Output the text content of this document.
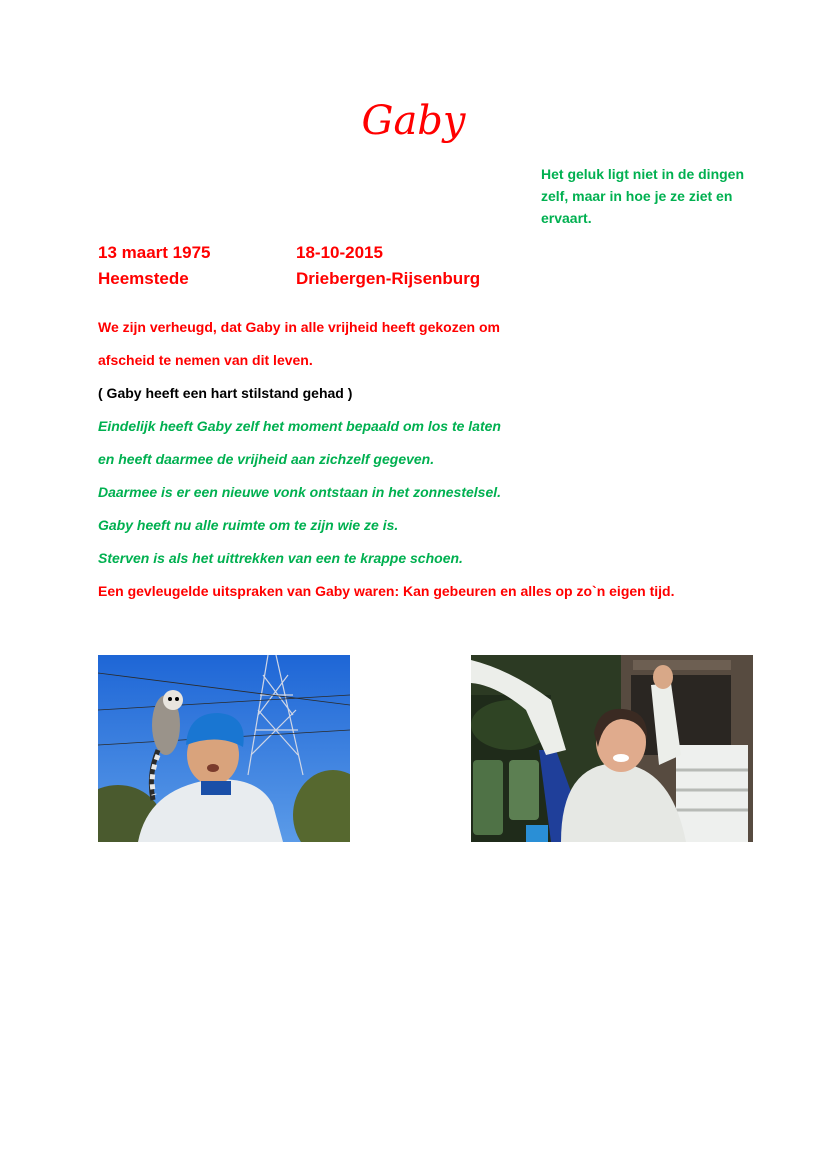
Gaby
Het geluk ligt niet in de dingen zelf, maar in hoe je ze ziet en ervaart.
13 maart 1975	18-10-2015
Heemstede	Driebergen-Rijsenburg
We zijn verheugd, dat Gaby in alle vrijheid heeft gekozen om
afscheid te nemen van dit leven.
( Gaby heeft een hart stilstand gehad )
Eindelijk heeft Gaby zelf het moment bepaald om los te laten
en heeft daarmee de vrijheid aan zichzelf gegeven.
Daarmee is er een nieuwe vonk ontstaan in het zonnestelsel.
Gaby heeft nu alle ruimte om te zijn wie ze is.
Sterven is als het uittrekken van een te krappe schoen.
Een gevleugelde uitspraken van Gaby waren: Kan gebeuren en alles op zo`n eigen tijd.
